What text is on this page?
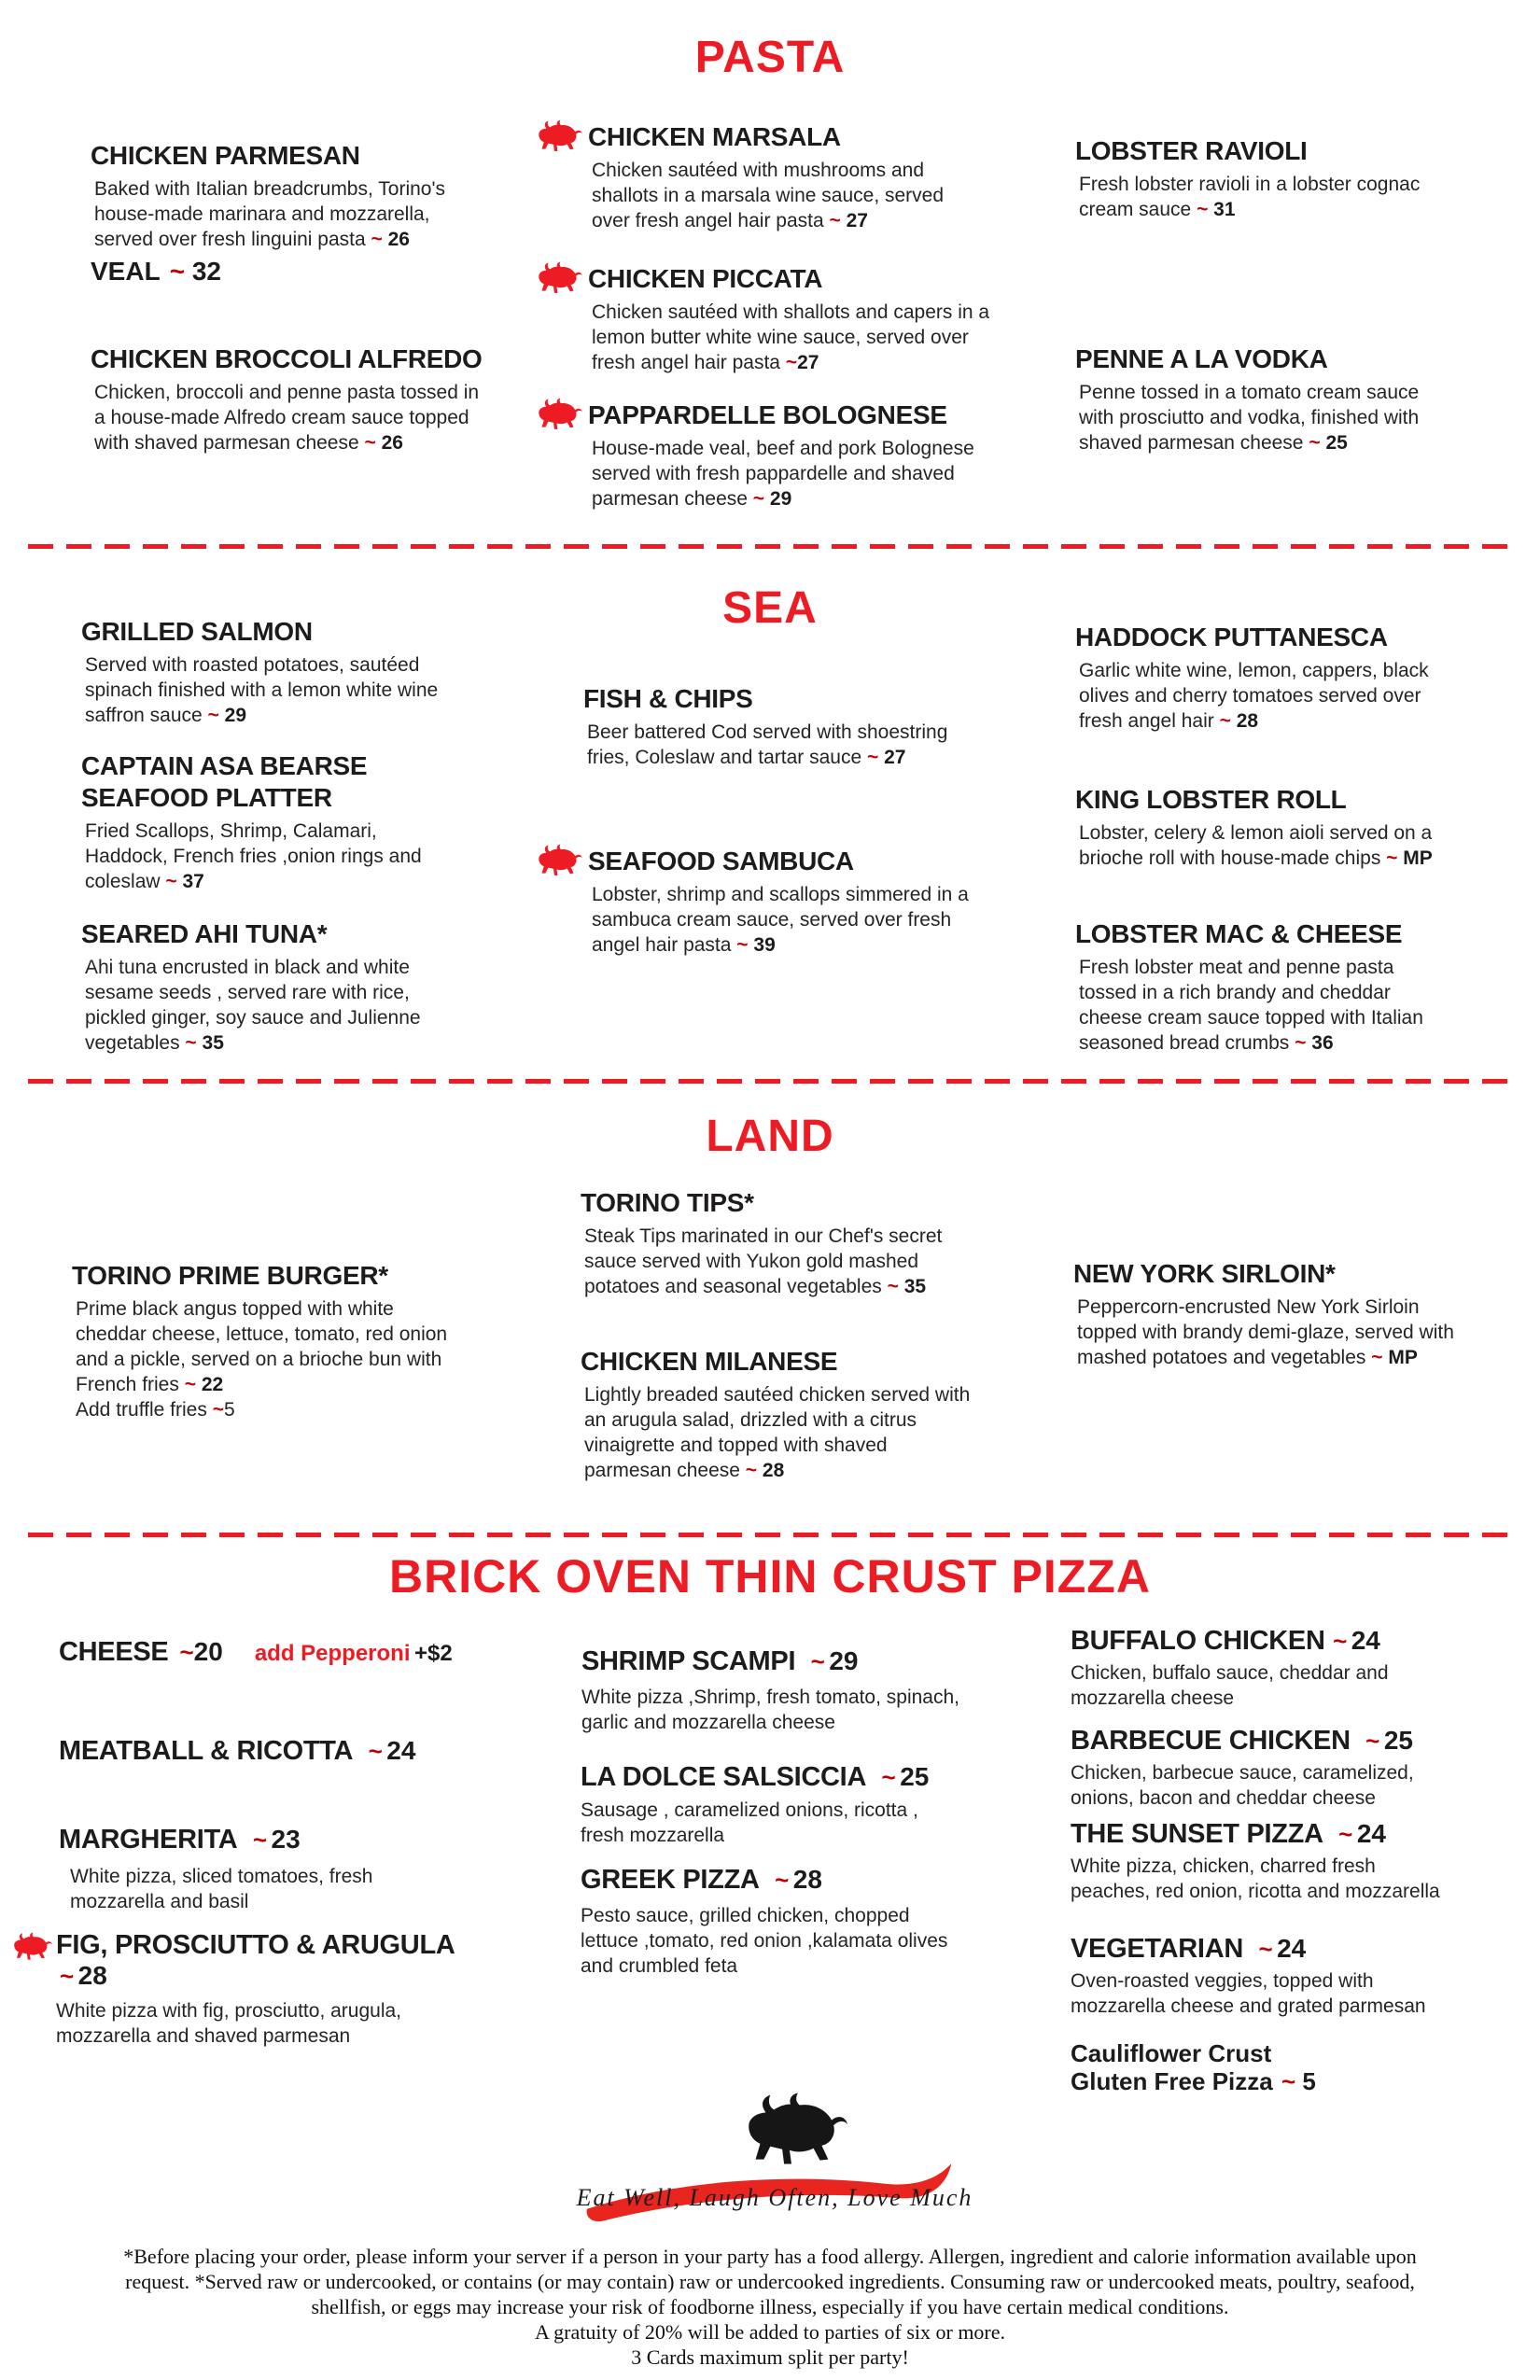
PASTA
CHICKEN PARMESAN
Baked with Italian breadcrumbs, Torino's house-made marinara and mozzarella, served over fresh linguini pasta ~ 26
VEAL ~ 32
CHICKEN BROCCOLI ALFREDO
Chicken, broccoli and penne pasta tossed in a house-made Alfredo cream sauce topped with shaved parmesan cheese ~ 26
CHICKEN MARSALA
Chicken sautéed with mushrooms and shallots in a marsala wine sauce, served over fresh angel hair pasta ~ 27
CHICKEN PICCATA
Chicken sautéed with shallots and capers in a lemon butter white wine sauce, served over fresh angel hair pasta ~27
PAPPARDELLE BOLOGNESE
House-made veal, beef and pork Bolognese served with fresh pappardelle and shaved parmesan cheese ~ 29
LOBSTER RAVIOLI
Fresh lobster ravioli in a lobster cognac cream sauce ~ 31
PENNE A LA VODKA
Penne tossed in a tomato cream sauce with prosciutto and vodka, finished with shaved parmesan cheese ~ 25
SEA
GRILLED SALMON
Served with roasted potatoes, sautéed spinach finished with a lemon white wine saffron sauce ~ 29
CAPTAIN ASA BEARSE SEAFOOD PLATTER
Fried Scallops, Shrimp, Calamari, Haddock, French fries ,onion rings and coleslaw ~ 37
SEARED AHI TUNA*
Ahi tuna encrusted in black and white sesame seeds , served rare with rice, pickled ginger, soy sauce and Julienne vegetables ~ 35
FISH & CHIPS
Beer battered Cod served with shoestring fries, Coleslaw and tartar sauce ~ 27
SEAFOOD SAMBUCA
Lobster, shrimp and scallops simmered in a sambuca cream sauce, served over fresh angel hair pasta ~ 39
HADDOCK PUTTANESCA
Garlic white wine, lemon, cappers, black olives and cherry tomatoes served over fresh angel hair ~ 28
KING LOBSTER ROLL
Lobster, celery & lemon aioli served on a brioche roll with house-made chips ~ MP
LOBSTER MAC & CHEESE
Fresh lobster meat and penne pasta tossed in a rich brandy and cheddar cheese cream sauce topped with Italian seasoned bread crumbs ~ 36
LAND
TORINO PRIME BURGER*
Prime black angus topped with white cheddar cheese, lettuce, tomato, red onion and a pickle, served on a brioche bun with French fries ~ 22
Add truffle fries ~5
TORINO TIPS*
Steak Tips marinated in our Chef's secret sauce served with Yukon gold mashed potatoes and seasonal vegetables ~ 35
CHICKEN MILANESE
Lightly breaded sautéed chicken served with an arugula salad, drizzled with a citrus vinaigrette and topped with shaved parmesan cheese ~ 28
NEW YORK SIRLOIN*
Peppercorn-encrusted New York Sirloin topped with brandy demi-glaze, served with mashed potatoes and vegetables ~ MP
BRICK OVEN THIN CRUST PIZZA
CHEESE ~20 add Pepperoni +$2
MEATBALL & RICOTTA ~ 24
MARGHERITA ~ 23
White pizza, sliced tomatoes, fresh mozzarella and basil
FIG, PROSCIUTTO & ARUGULA ~ 28
White pizza with fig, prosciutto, arugula, mozzarella and shaved parmesan
SHRIMP SCAMPI ~ 29
White pizza ,Shrimp, fresh tomato, spinach, garlic and mozzarella cheese
LA DOLCE SALSICCIA ~ 25
Sausage , caramelized onions, ricotta , fresh mozzarella
GREEK PIZZA ~ 28
Pesto sauce, grilled chicken, chopped lettuce ,tomato, red onion ,kalamata olives and crumbled feta
BUFFALO CHICKEN ~ 24
Chicken, buffalo sauce, cheddar and mozzarella cheese
BARBECUE CHICKEN ~ 25
Chicken, barbecue sauce, caramelized, onions, bacon and cheddar cheese
THE SUNSET PIZZA ~ 24
White pizza, chicken, charred fresh peaches, red onion, ricotta and mozzarella
VEGETARIAN ~ 24
Oven-roasted veggies, topped with mozzarella cheese and grated parmesan
Cauliflower Crust
Gluten Free Pizza ~ 5
Eat Well, Laugh Often, Love Much
*Before placing your order, please inform your server if a person in your party has a food allergy. Allergen, ingredient and calorie information available upon
request. *Served raw or undercooked, or contains (or may contain) raw or undercooked ingredients. Consuming raw or undercooked meats, poultry, seafood,
shellfish, or eggs may increase your risk of foodborne illness, especially if you have certain medical conditions.
A gratuity of 20% will be added to parties of six or more.
3 Cards maximum split per party!
